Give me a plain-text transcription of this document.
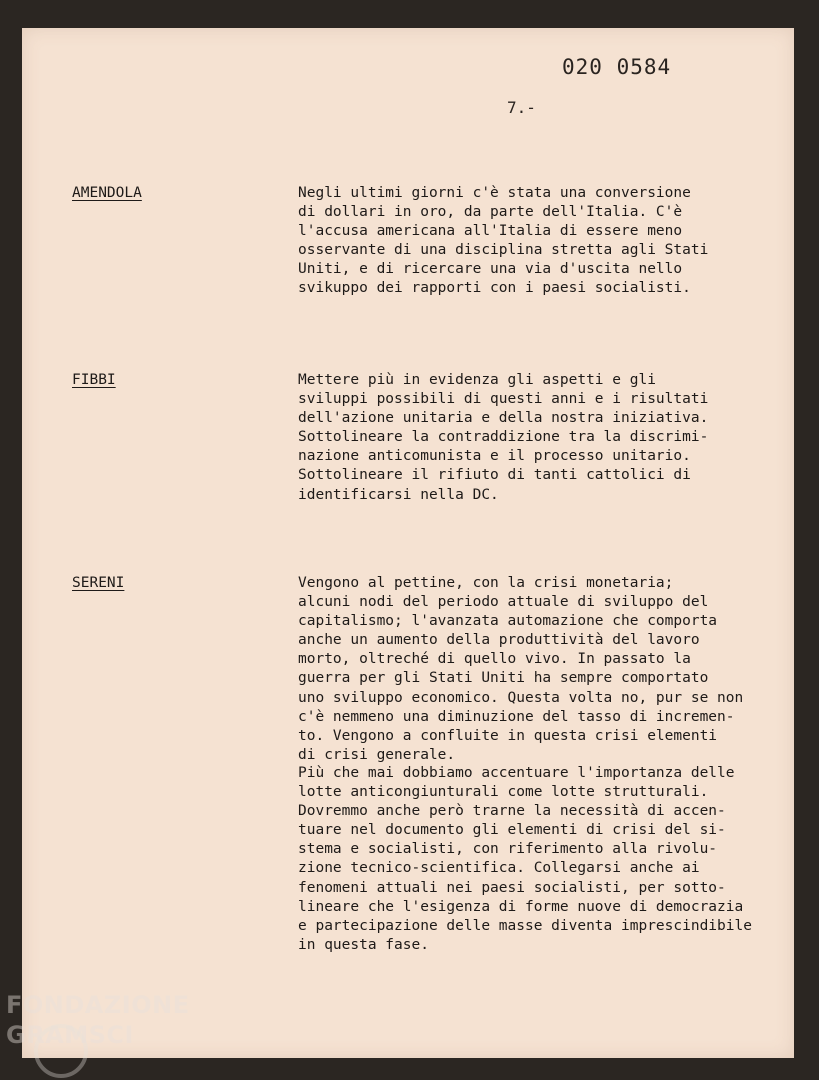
020 0584
7.-
AMENDOLA	Negli ultimi giorni c'è stata una conversione
di dollari in oro, da parte dell'Italia. C'è
l'accusa americana all'Italia di essere meno
osservante di una disciplina stretta agli Stati
Uniti, e di ricercare una via d'uscita nello
svikuppo dei rapporti con i paesi socialisti.

FIBBI	Mettere più in evidenza gli aspetti e gli
sviluppi possibili di questi anni e i risultati
dell'azione unitaria e della nostra iniziativa.
Sottolineare la contraddizione tra la discrimi-
nazione anticomunista e il processo unitario.
Sottolineare il rifiuto di tanti cattolici di
identificarsi nella DC.

SERENI	Vengono al pettine, con la crisi monetaria;
alcuni nodi del periodo attuale di sviluppo del
capitalismo; l'avanzata automazione che comporta
anche un aumento della produttività del lavoro
morto, oltreché di quello vivo. In passato la
guerra per gli Stati Uniti ha sempre comportato
uno sviluppo economico. Questa volta no, pur se non
c'è nemmeno una diminuzione del tasso di incremen-
to. Vengono a confluite in questa crisi elementi
di crisi generale.

Più che mai dobbiamo accentuare l'importanza delle
lotte anticongiunturali come lotte strutturali.
Dovremmo anche però trarne la necessità di accen-
tuare nel documento gli elementi di crisi del si-
stema e socialisti, con riferimento alla rivolu-
zione tecnico-scientifica. Collegarsi anche ai
fenomeni attuali nei paesi socialisti, per sotto-
lineare che l'esigenza di forme nuove di democrazia
e partecipazione delle masse diventa imprescindibile
in questa fase.

FONDAZIONE
GRAMSCI
